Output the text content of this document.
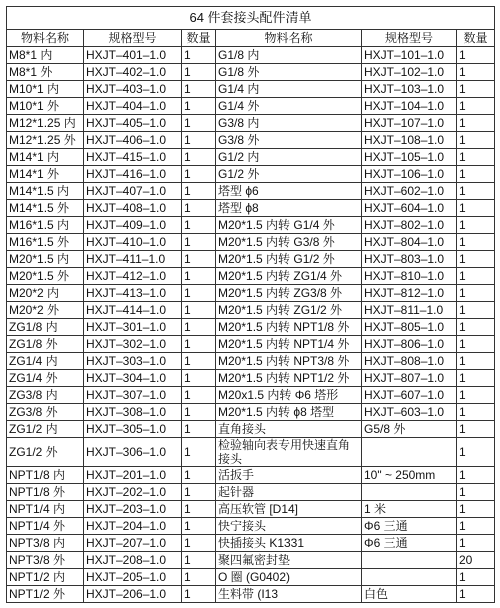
64 件套接头配件清单					
物料名称	规格型号	数量	物料名称	规格型号	数量
M8*1 内	HXJT–401–1.0	1	G1/8 内	HXJT–101–1.0	1
M8*1 外	HXJT–402–1.0	1	G1/8 外	HXJT–102–1.0	1
M10*1 内	HXJT–403–1.0	1	G1/4 内	HXJT–103–1.0	1
M10*1 外	HXJT–404–1.0	1	G1/4 外	HXJT–104–1.0	1
M12*1.25 内	HXJT–405–1.0	1	G3/8 内	HXJT–107–1.0	1
M12*1.25 外	HXJT–406–1.0	1	G3/8 外	HXJT–108–1.0	1
M14*1 内	HXJT–415–1.0	1	G1/2 内	HXJT–105–1.0	1
M14*1 外	HXJT–416–1.0	1	G1/2 外	HXJT–106–1.0	1
M14*1.5 内	HXJT–407–1.0	1	塔型 ϕ6	HXJT–602–1.0	1
M14*1.5 外	HXJT–408–1.0	1	塔型 ϕ8	HXJT–604–1.0	1
M16*1.5 内	HXJT–409–1.0	1	M20*1.5 内转 G1/4 外	HXJT–802–1.0	1
M16*1.5 外	HXJT–410–1.0	1	M20*1.5 内转 G3/8 外	HXJT–804–1.0	1
M20*1.5 内	HXJT–411–1.0	1	M20*1.5 内转 G1/2 外	HXJT–803–1.0	1
M20*1.5 外	HXJT–412–1.0	1	M20*1.5 内转 ZG1/4 外	HXJT–810–1.0	1
M20*2 内	HXJT–413–1.0	1	M20*1.5 内转 ZG3/8 外	HXJT–812–1.0	1
M20*2 外	HXJT–414–1.0	1	M20*1.5 内转 ZG1/2 外	HXJT–811–1.0	1
ZG1/8 内	HXJT–301–1.0	1	M20*1.5 内转 NPT1/8 外	HXJT–805–1.0	1
ZG1/8 外	HXJT–302–1.0	1	M20*1.5 内转 NPT1/4 外	HXJT–806–1.0	1
ZG1/4 内	HXJT–303–1.0	1	M20*1.5 内转 NPT3/8 外	HXJT–808–1.0	1
ZG1/4 外	HXJT–304–1.0	1	M20*1.5 内转 NPT1/2 外	HXJT–807–1.0	1
ZG3/8 内	HXJT–307–1.0	1	M20x1.5 内转 Φ6 塔形	HXJT–607–1.0	1
ZG3/8 外	HXJT–308–1.0	1	M20*1.5 内转 ϕ8 塔型	HXJT–603–1.0	1
ZG1/2 内	HXJT–305–1.0	1	直角接头	G5/8 外	1
ZG1/2 外	HXJT–306–1.0	1	检验轴向表专用快速直角接头		1
NPT1/8 内	HXJT–201–1.0	1	活扳手	10" ~ 250mm	1
NPT1/8 外	HXJT–202–1.0	1	起针器		1
NPT1/4 内	HXJT–203–1.0	1	高压软管 [D14]	1 米	1
NPT1/4 外	HXJT–204–1.0	1	快宁接头	Φ6 三通	1
NPT3/8 内	HXJT–207–1.0	1	快插接头 K1331	Φ6 三通	1
NPT3/8 外	HXJT–208–1.0	1	聚四氟密封垫		20
NPT1/2 内	HXJT–205–1.0	1	O 圈 (G0402)		1
NPT1/2 外	HXJT–206–1.0	1	生料带 (I13	白色	1
